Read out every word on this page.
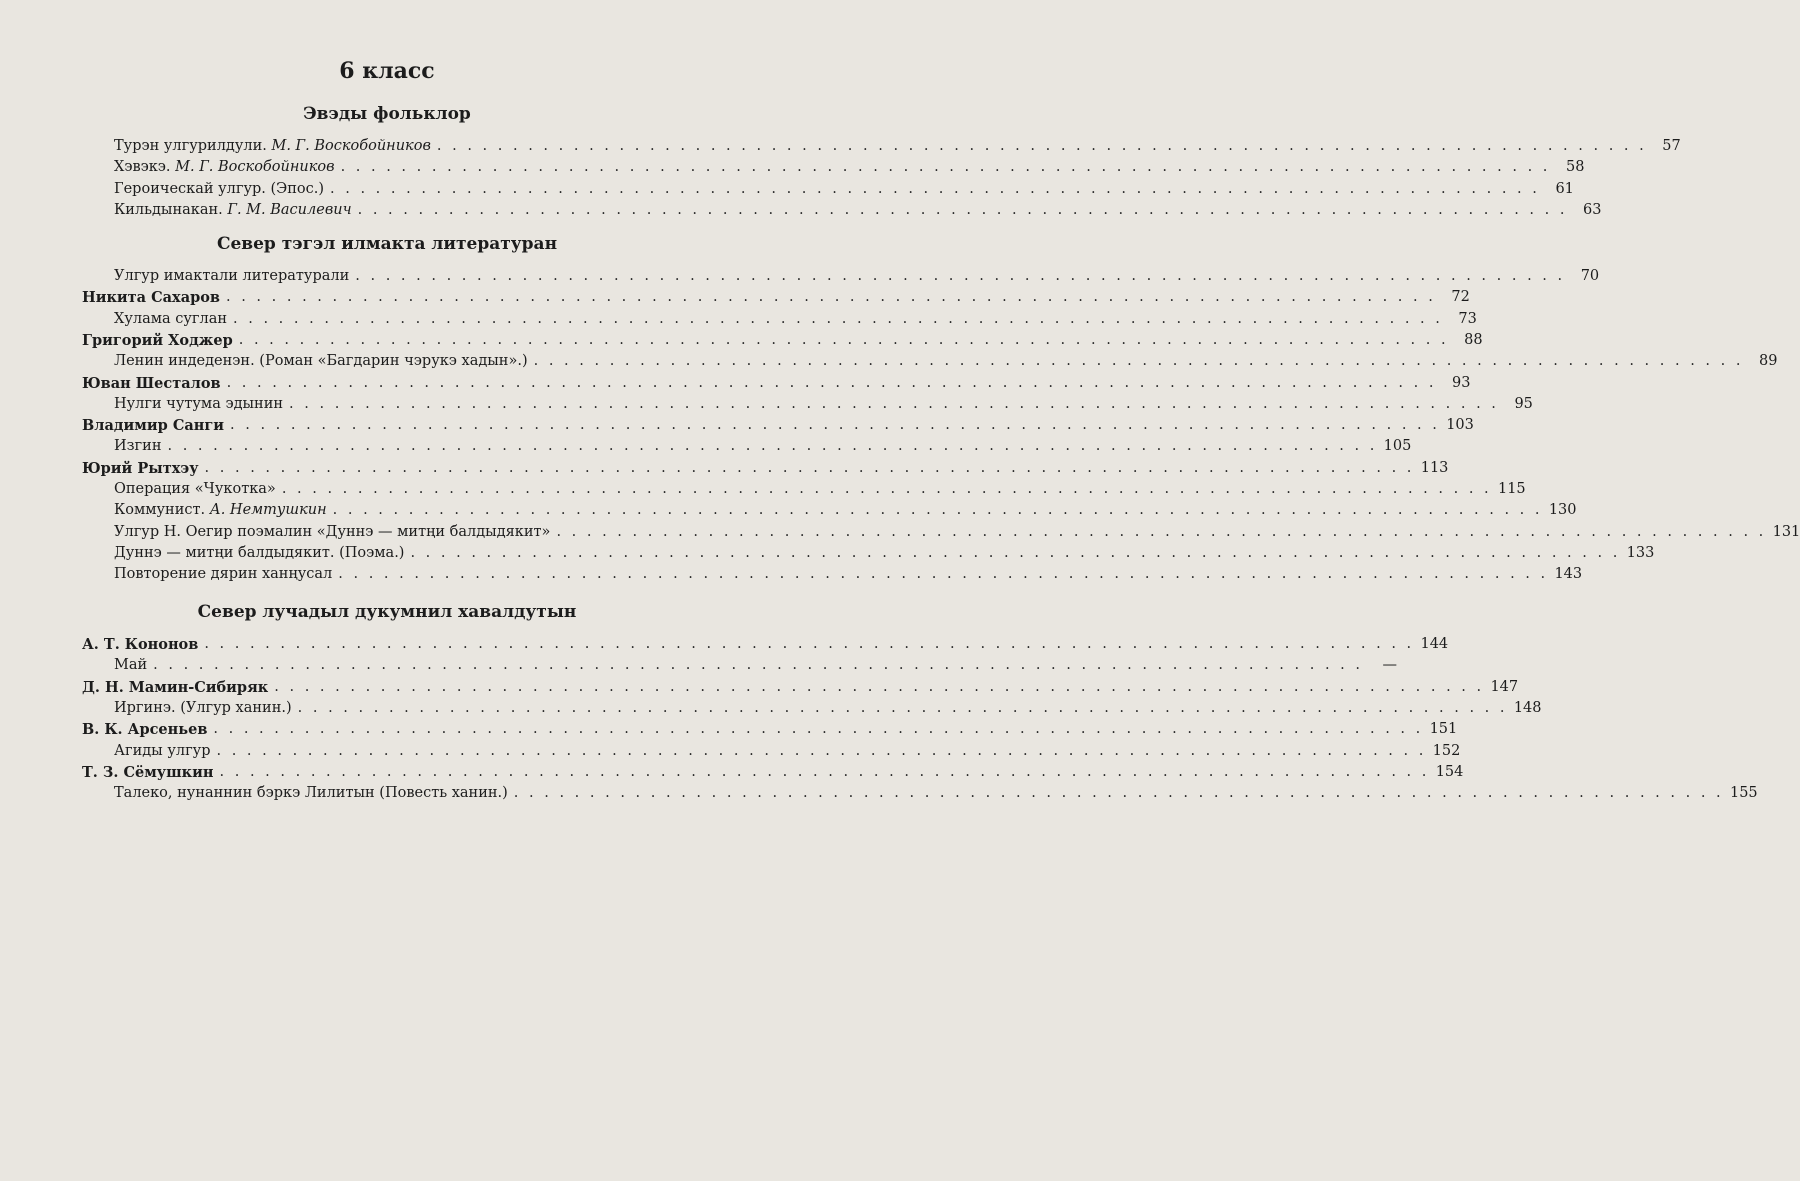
6 класс
Эвэды фольклор
Турэн улгурилдули. М. Г. Воскобойников . . . . . . . . . . . . . . . . . . . . . . . . . . . . . . . . . . . . . . . . . . . . . . . . . . . . . . . . . . . . . . . . . . . . . . . . . . . . . . . .	57
Хэвэкэ. М. Г. Воскобойников . . . . . . . . . . . . . . . . . . . . . . . . . . . . . . . . . . . . . . . . . . . . . . . . . . . . . . . . . . . . . . . . . . . . . . . . . . . . . . . .	58
Героическай улгур. (Эпос.) . . . . . . . . . . . . . . . . . . . . . . . . . . . . . . . . . . . . . . . . . . . . . . . . . . . . . . . . . . . . . . . . . . . . . . . . . . . . . . . .	61
Кильдынакан. Г. М. Василевич . . . . . . . . . . . . . . . . . . . . . . . . . . . . . . . . . . . . . . . . . . . . . . . . . . . . . . . . . . . . . . . . . . . . . . . . . . . . . . . .	63
Север тэгэл илмакта литературан
Улгур имактали литературали . . . . . . . . . . . . . . . . . . . . . . . . . . . . . . . . . . . . . . . . . . . . . . . . . . . . . . . . . . . . . . . . . . . . . . . . . . . . . . . .	70
Никита Сахаров . . . . . . . . . . . . . . . . . . . . . . . . . . . . . . . . . . . . . . . . . . . . . . . . . . . . . . . . . . . . . . . . . . . . . . . . . . . . . . . .	72
Хулама суглан . . . . . . . . . . . . . . . . . . . . . . . . . . . . . . . . . . . . . . . . . . . . . . . . . . . . . . . . . . . . . . . . . . . . . . . . . . . . . . . .	73
Григорий Ходжер . . . . . . . . . . . . . . . . . . . . . . . . . . . . . . . . . . . . . . . . . . . . . . . . . . . . . . . . . . . . . . . . . . . . . . . . . . . . . . . .	88
Ленин индеденэн. (Роман «Багдарин чэрукэ хадын».) . . . . . . . . . . . . . . . . . . . . . . . . . . . . . . . . . . . . . . . . . . . . . . . . . . . . . . . . . . . . . . . . . . . . . . . . . . . . . . . .	89
Юван Шесталов . . . . . . . . . . . . . . . . . . . . . . . . . . . . . . . . . . . . . . . . . . . . . . . . . . . . . . . . . . . . . . . . . . . . . . . . . . . . . . . .	93
Нулги чутума эдынин . . . . . . . . . . . . . . . . . . . . . . . . . . . . . . . . . . . . . . . . . . . . . . . . . . . . . . . . . . . . . . . . . . . . . . . . . . . . . . . .	95
Владимир Санги . . . . . . . . . . . . . . . . . . . . . . . . . . . . . . . . . . . . . . . . . . . . . . . . . . . . . . . . . . . . . . . . . . . . . . . . . . . . . . . . 103
Изгин . . . . . . . . . . . . . . . . . . . . . . . . . . . . . . . . . . . . . . . . . . . . . . . . . . . . . . . . . . . . . . . . . . . . . . . . . . . . . . . . 105
Юрий Рытхэу . . . . . . . . . . . . . . . . . . . . . . . . . . . . . . . . . . . . . . . . . . . . . . . . . . . . . . . . . . . . . . . . . . . . . . . . . . . . . . . . 113
Операция «Чукотка» . . . . . . . . . . . . . . . . . . . . . . . . . . . . . . . . . . . . . . . . . . . . . . . . . . . . . . . . . . . . . . . . . . . . . . . . . . . . . . . . 115
Коммунист. А. Немтушкин . . . . . . . . . . . . . . . . . . . . . . . . . . . . . . . . . . . . . . . . . . . . . . . . . . . . . . . . . . . . . . . . . . . . . . . . . . . . . . . . 130
Улгур Н. Оегир поэмалин «Дуннэ — митңи балдыдякит» . . . . . . . . . . . . . . . . . . . . . . . . . . . . . . . . . . . . . . . . . . . . . . . . . . . . . . . . . . . . . . . . . . . . . . . . . . . . . . . . 131
Дуннэ — митңи балдыдякит. (Поэма.) . . . . . . . . . . . . . . . . . . . . . . . . . . . . . . . . . . . . . . . . . . . . . . . . . . . . . . . . . . . . . . . . . . . . . . . . . . . . . . . . 133
Повторение дярин ханңусал . . . . . . . . . . . . . . . . . . . . . . . . . . . . . . . . . . . . . . . . . . . . . . . . . . . . . . . . . . . . . . . . . . . . . . . . . . . . . . . . 143
Север лучадыл дукумнил хавалдутын
А. Т. Кононов . . . . . . . . . . . . . . . . . . . . . . . . . . . . . . . . . . . . . . . . . . . . . . . . . . . . . . . . . . . . . . . . . . . . . . . . . . . . . . . . 144
Май . . . . . . . . . . . . . . . . . . . . . . . . . . . . . . . . . . . . . . . . . . . . . . . . . . . . . . . . . . . . . . . . . . . . . . . . . . . . . . . .	—
Д. Н. Мамин-Сибиряк . . . . . . . . . . . . . . . . . . . . . . . . . . . . . . . . . . . . . . . . . . . . . . . . . . . . . . . . . . . . . . . . . . . . . . . . . . . . . . . . 147
Иргинэ. (Улгур ханин.) . . . . . . . . . . . . . . . . . . . . . . . . . . . . . . . . . . . . . . . . . . . . . . . . . . . . . . . . . . . . . . . . . . . . . . . . . . . . . . . . 148
В. К. Арсеньев . . . . . . . . . . . . . . . . . . . . . . . . . . . . . . . . . . . . . . . . . . . . . . . . . . . . . . . . . . . . . . . . . . . . . . . . . . . . . . . . 151
Агиды улгур . . . . . . . . . . . . . . . . . . . . . . . . . . . . . . . . . . . . . . . . . . . . . . . . . . . . . . . . . . . . . . . . . . . . . . . . . . . . . . . . 152
Т. З. Сёмушкин . . . . . . . . . . . . . . . . . . . . . . . . . . . . . . . . . . . . . . . . . . . . . . . . . . . . . . . . . . . . . . . . . . . . . . . . . . . . . . . . 154
Талеко, нунаннин бэркэ Лилитын (Повесть ханин.) . . . . . . . . . . . . . . . . . . . . . . . . . . . . . . . . . . . . . . . . . . . . . . . . . . . . . . . . . . . . . . . . . . . . . . . . . . . . . . . . 155
